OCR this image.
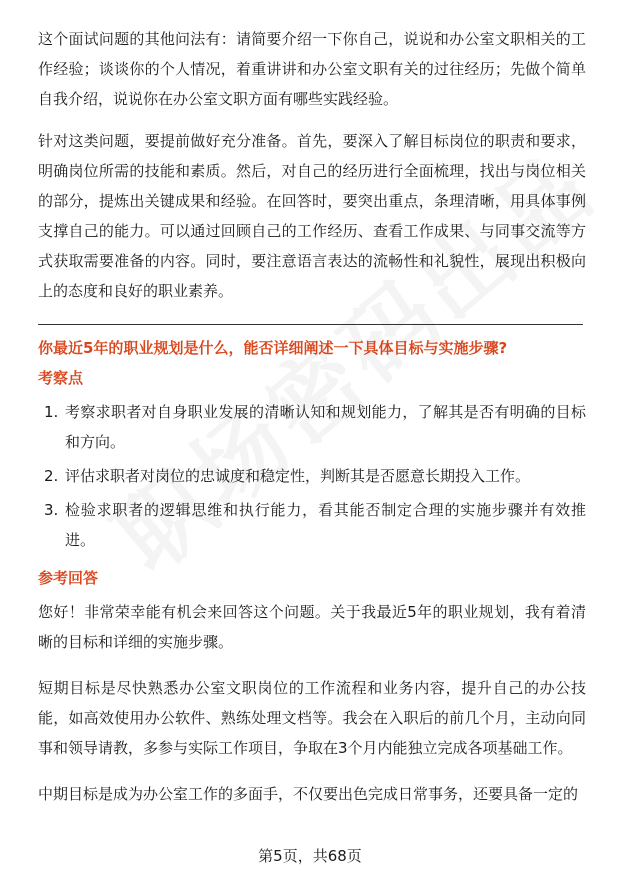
这个面试问题的其他问法有：请简要介绍一下你自己，说说和办公室文职相关的工作经验；谈谈你的个人情况，着重讲讲和办公室文职有关的过往经历；先做个简单自我介绍，说说你在办公室文职方面有哪些实践经验。

针对这类问题，要提前做好充分准备。首先，要深入了解目标岗位的职责和要求，明确岗位所需的技能和素质。然后，对自己的经历进行全面梳理，找出与岗位相关的部分，提炼出关键成果和经验。在回答时，要突出重点，条理清晰，用具体事例支撑自己的能力。可以通过回顾自己的工作经历、查看工作成果、与同事交流等方式获取需要准备的内容。同时，要注意语言表达的流畅性和礼貌性，展现出积极向上的态度和良好的职业素养。

你最近5年的职业规划是什么，能否详细阐述一下具体目标与实施步骤?
考察点
1. 考察求职者对自身职业发展的清晰认知和规划能力，了解其是否有明确的目标和方向。
2. 评估求职者对岗位的忠诚度和稳定性，判断其是否愿意长期投入工作。
3. 检验求职者的逻辑思维和执行能力，看其能否制定合理的实施步骤并有效推进。
参考回答

您好！非常荣幸能有机会来回答这个问题。关于我最近5年的职业规划，我有着清晰的目标和详细的实施步骤。

短期目标是尽快熟悉办公室文职岗位的工作流程和业务内容，提升自己的办公技能，如高效使用办公软件、熟练处理文档等。我会在入职后的前几个月，主动向同事和领导请教，多参与实际工作项目，争取在3个月内能独立完成各项基础工作。

中期目标是成为办公室工作的多面手，不仅要出色完成日常事务，还要具备一定的

第5页，共68页
